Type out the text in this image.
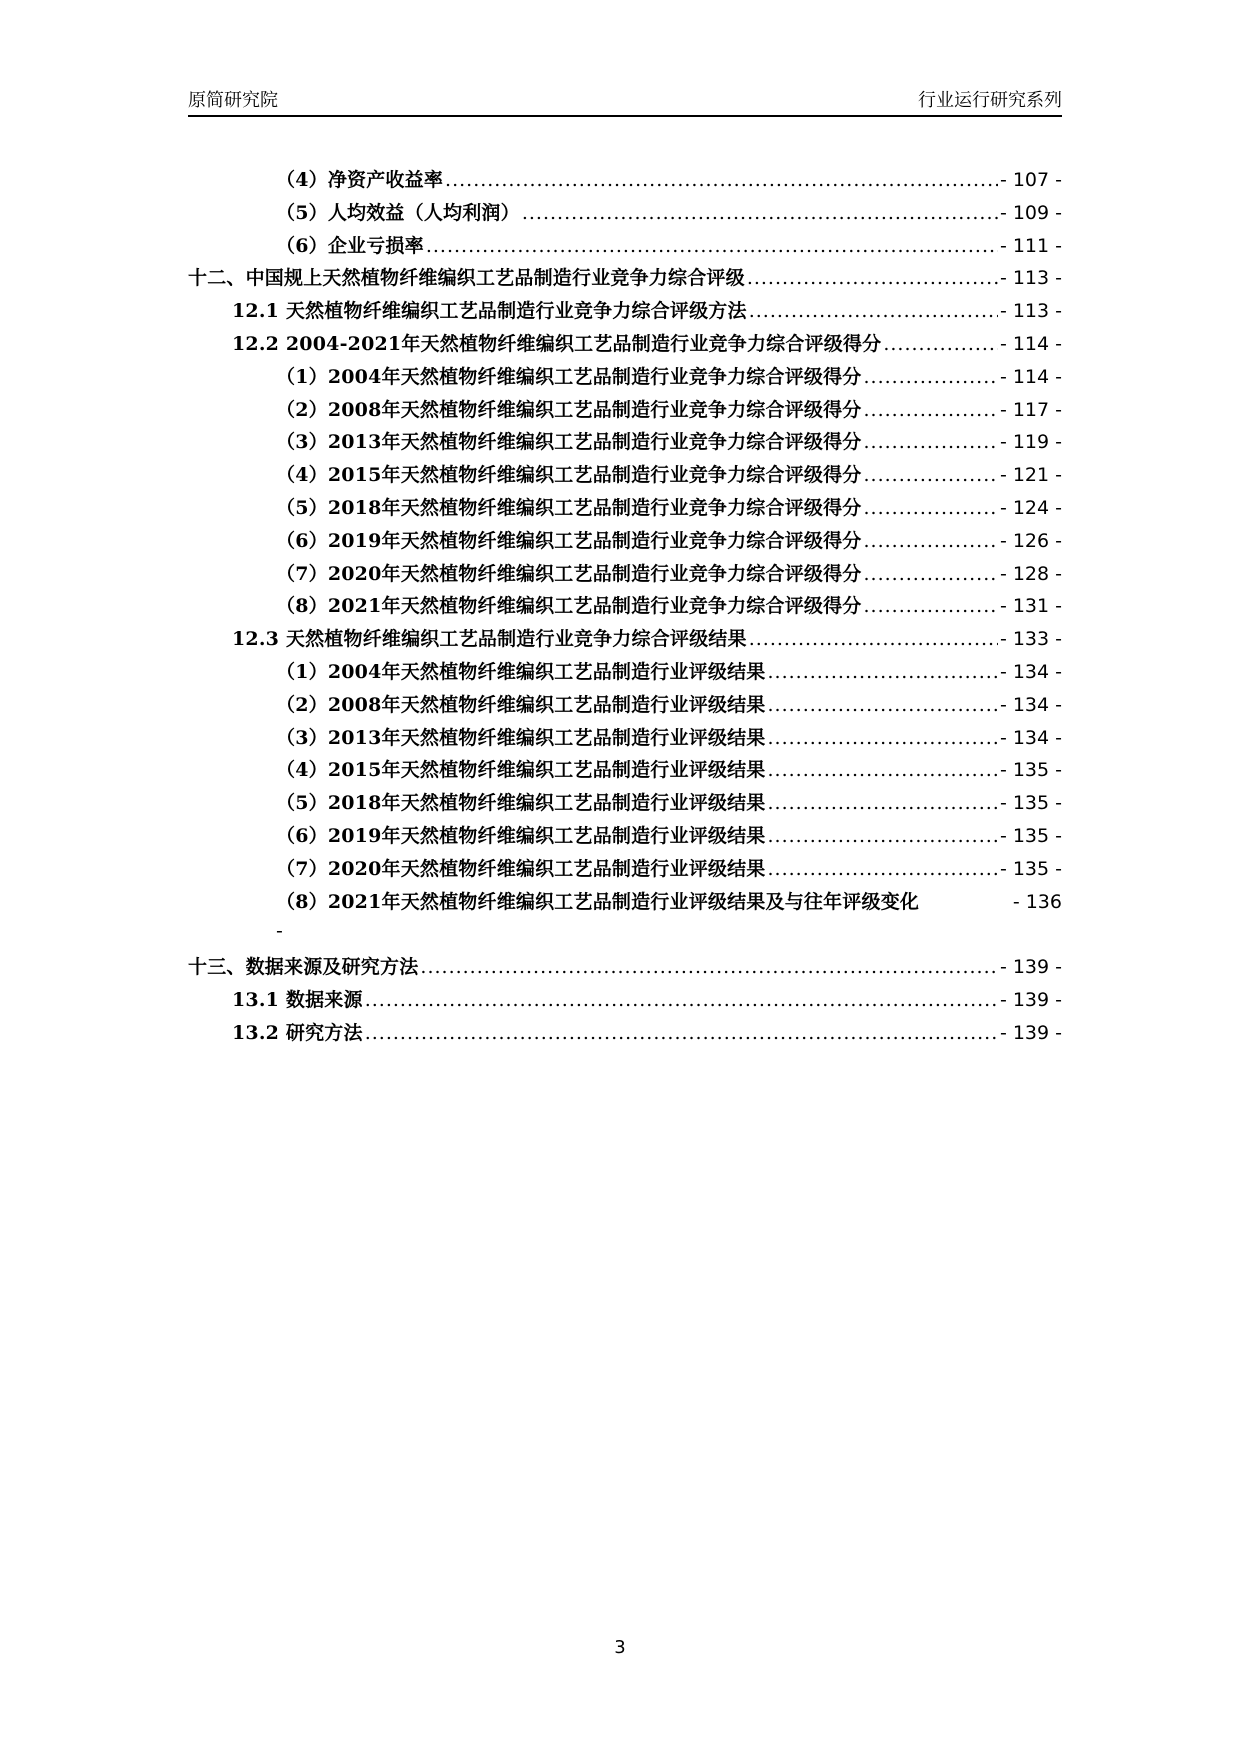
原简研究院	行业运行研究系列
（4）净资产收益率 .....	- 107 -
（5）人均效益（人均利润） .....	- 109 -
（6）企业亏损率 .....	- 111 -
十二、中国规上天然植物纤维编织工艺品制造行业竞争力综合评级 .....	- 113 -
12.1 天然植物纤维编织工艺品制造行业竞争力综合评级方法 .....	- 113 -
12.2 2004-2021年天然植物纤维编织工艺品制造行业竞争力综合评级得分 .....	- 114 -
（1）2004年天然植物纤维编织工艺品制造行业竞争力综合评级得分 .....	- 114 -
（2）2008年天然植物纤维编织工艺品制造行业竞争力综合评级得分 .....	- 117 -
（3）2013年天然植物纤维编织工艺品制造行业竞争力综合评级得分 .....	- 119 -
（4）2015年天然植物纤维编织工艺品制造行业竞争力综合评级得分 .....	- 121 -
（5）2018年天然植物纤维编织工艺品制造行业竞争力综合评级得分 .....	- 124 -
（6）2019年天然植物纤维编织工艺品制造行业竞争力综合评级得分 .....	- 126 -
（7）2020年天然植物纤维编织工艺品制造行业竞争力综合评级得分 .....	- 128 -
（8）2021年天然植物纤维编织工艺品制造行业竞争力综合评级得分 .....	- 131 -
12.3 天然植物纤维编织工艺品制造行业竞争力综合评级结果 .....	- 133 -
（1）2004年天然植物纤维编织工艺品制造行业评级结果 .....	- 134 -
（2）2008年天然植物纤维编织工艺品制造行业评级结果 .....	- 134 -
（3）2013年天然植物纤维编织工艺品制造行业评级结果 .....	- 134 -
（4）2015年天然植物纤维编织工艺品制造行业评级结果 .....	- 135 -
（5）2018年天然植物纤维编织工艺品制造行业评级结果 .....	- 135 -
（6）2019年天然植物纤维编织工艺品制造行业评级结果 .....	- 135 -
（7）2020年天然植物纤维编织工艺品制造行业评级结果 .....	- 135 -
（8）2021年天然植物纤维编织工艺品制造行业评级结果及与往年评级变化	- 136
-
十三、数据来源及研究方法 .....	- 139 -
13.1 数据来源 .....	- 139 -
13.2 研究方法 .....	- 139 -
3
